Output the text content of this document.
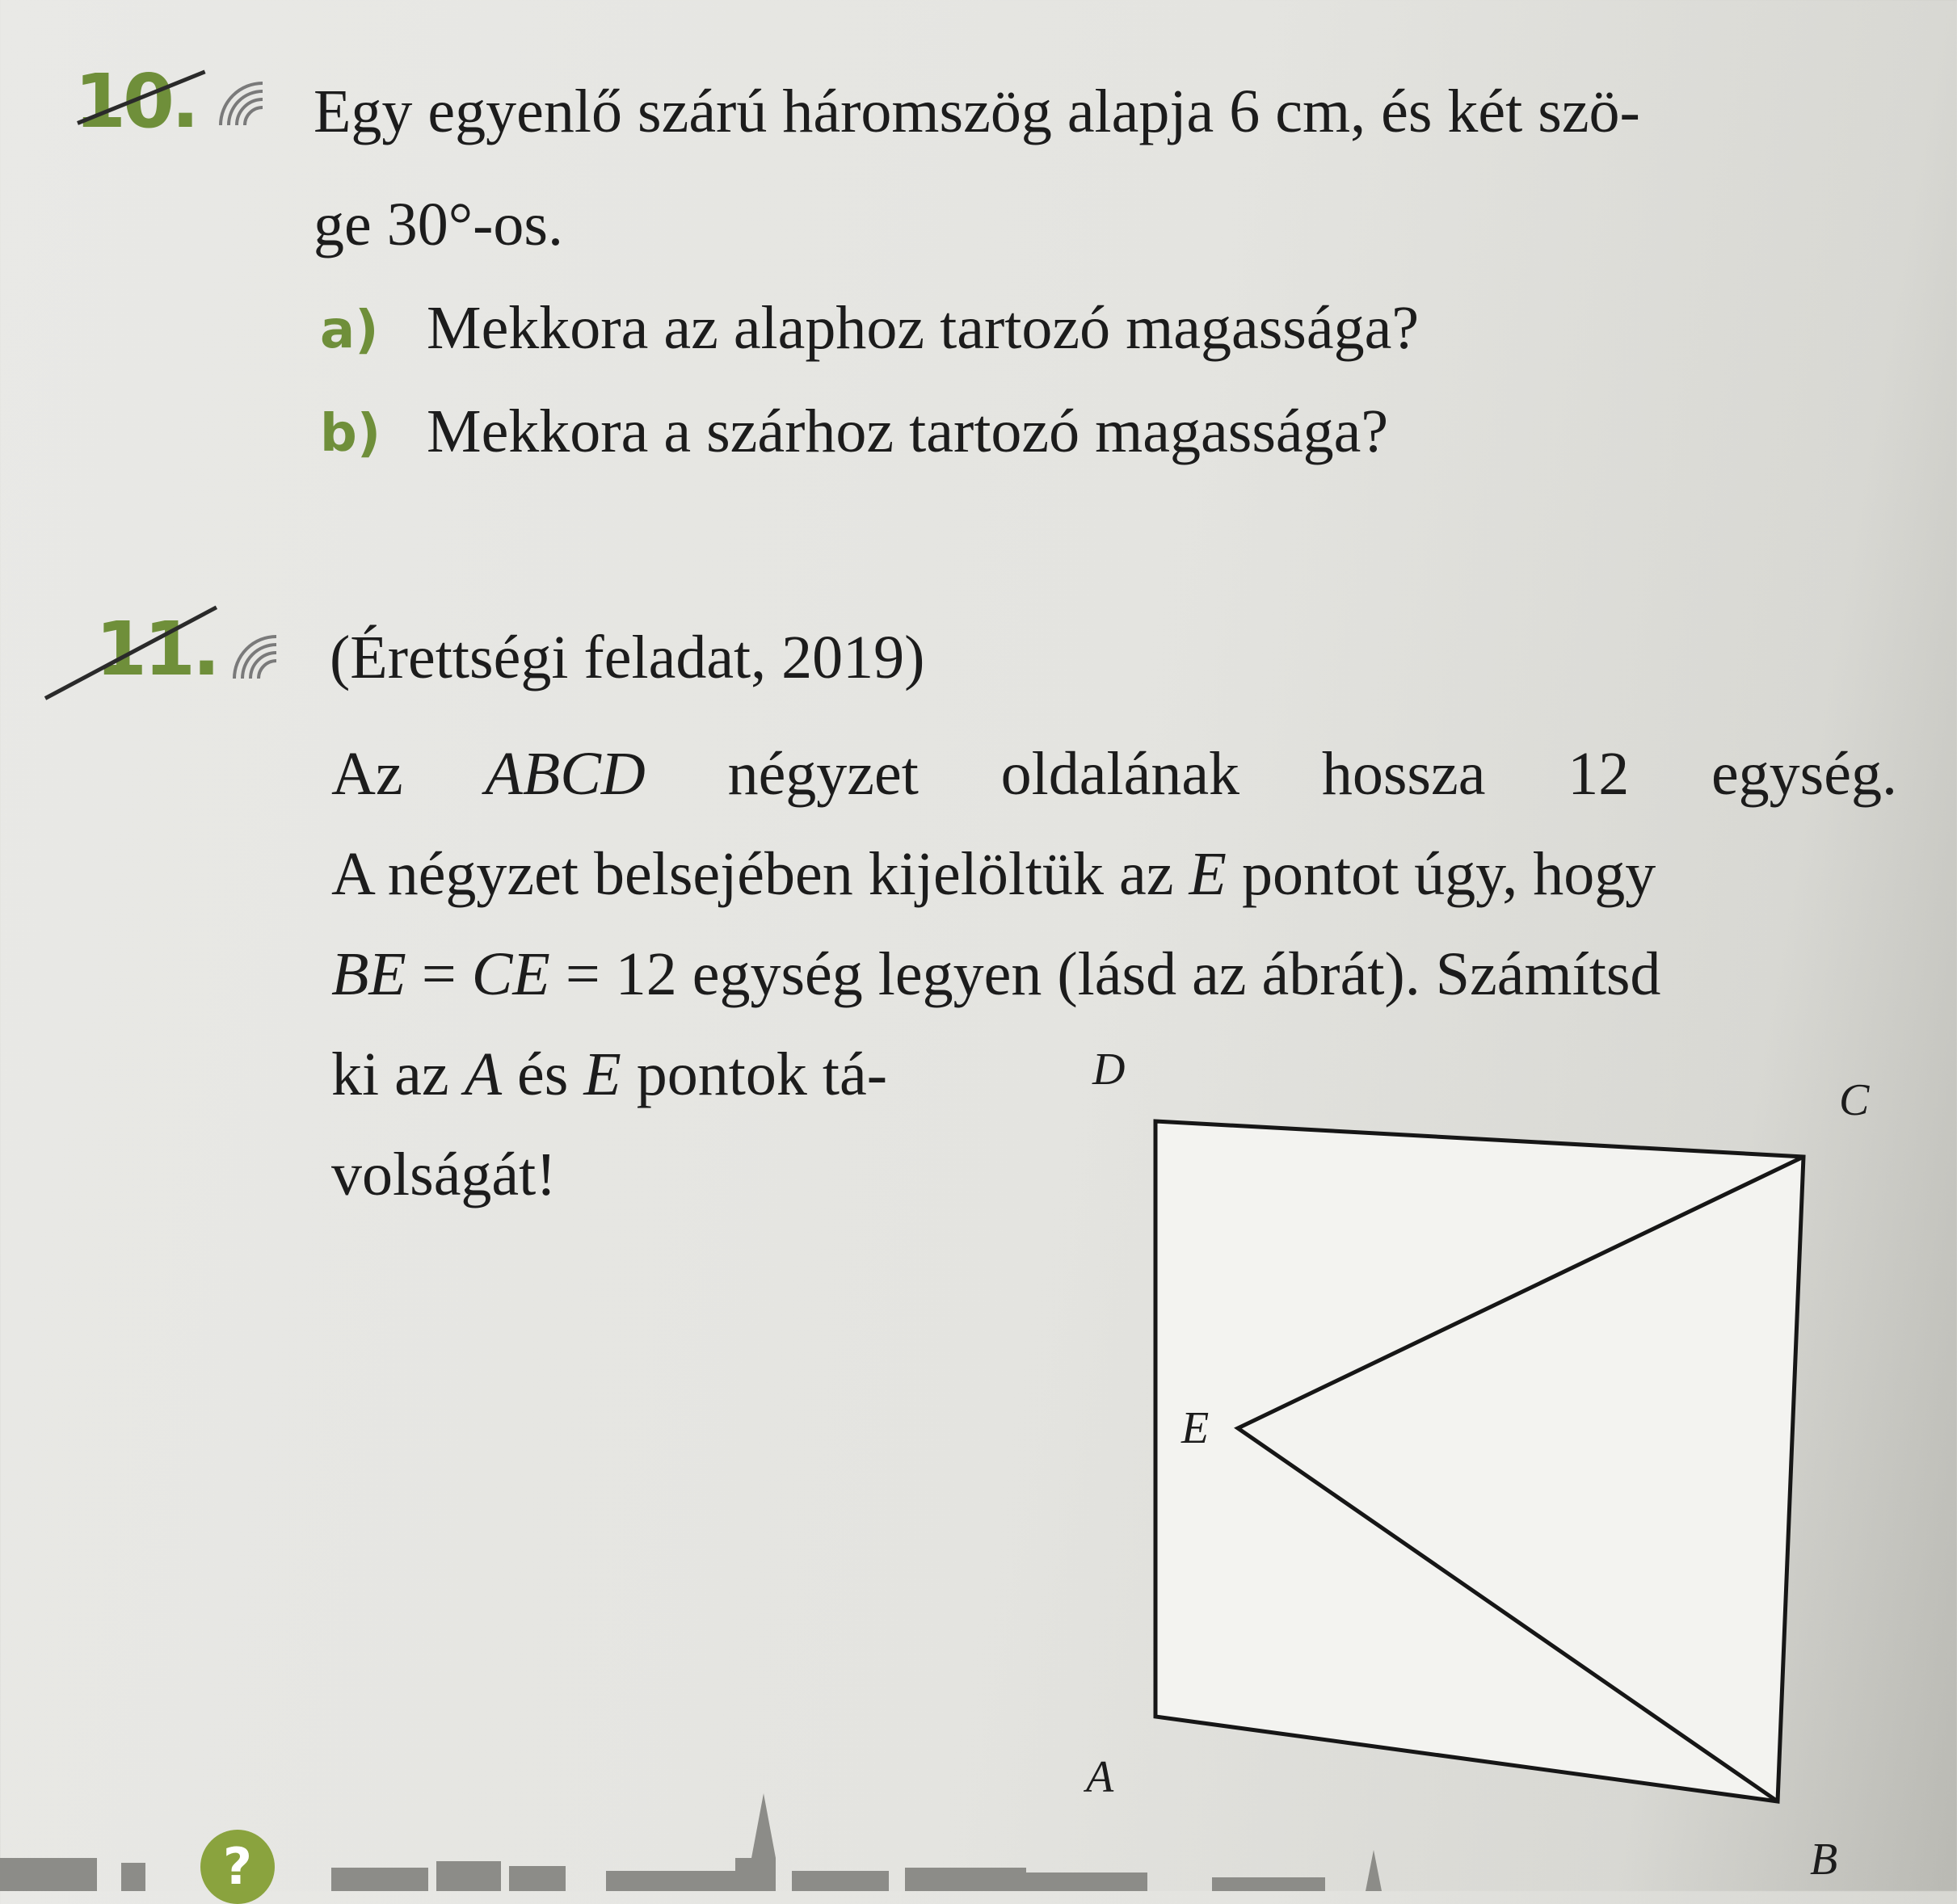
10. Egy egyenlő szárú háromszög alapja 6 cm, és két szö-
ge 30°-os.
a) Mekkora az alaphoz tartozó magassága?
b) Mekkora a szárhoz tartozó magassága?
11. (Érettségi feladat, 2019)
Az ABCD négyzet oldalának hossza 12 egység.
A négyzet belsejében kijelöltük az E pontot úgy, hogy
BE = CE = 12 egység legyen (lásd az ábrát). Számítsd
ki az A és E pontok tá-
volságát!
D
C
E
A
B
?
